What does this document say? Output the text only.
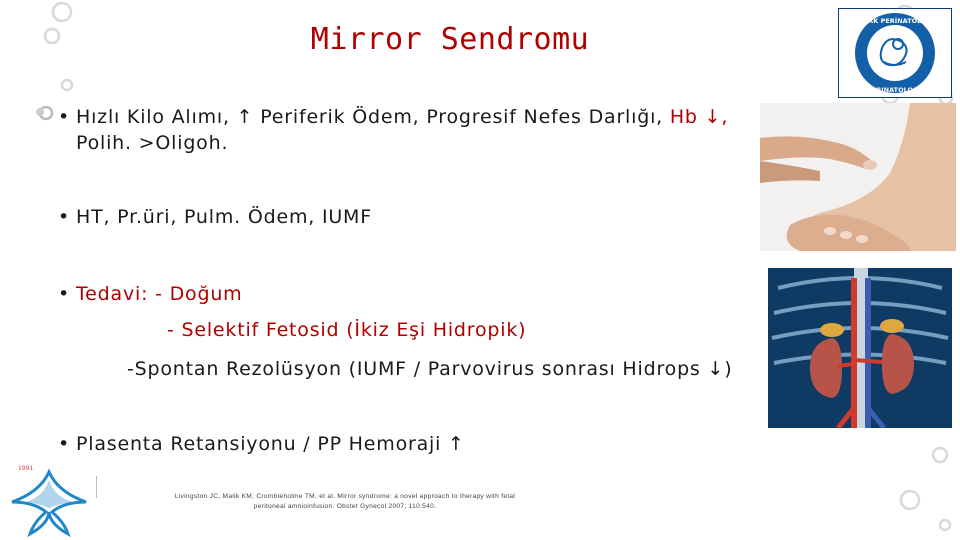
Mirror Sendromu
TÜRK PERİNATOLOJİ
PERINATOLOGY
• Hızlı Kilo Alımı, ↑ Periferik Ödem, Progresif Nefes Darlığı, Hb ↓,
Polih. >Oligoh.
• HT, Pr.üri, Pulm. Ödem, IUMF
• Tedavi: - Doğum
- Selektif Fetosid (İkiz Eşi Hidropik)
-Spontan Rezolüsyon (IUMF / Parvovirus sonrası Hidrops ↓)
• Plasenta Retansiyonu / PP Hemoraji ↑
1991
Livingston JC, Malik KM, Crombleholme TM, et al. Mirror syndrome: a novel approach to therapy with fetal
peritoneal amnioinfusion. Obstet Gynecol 2007; 110:540.
